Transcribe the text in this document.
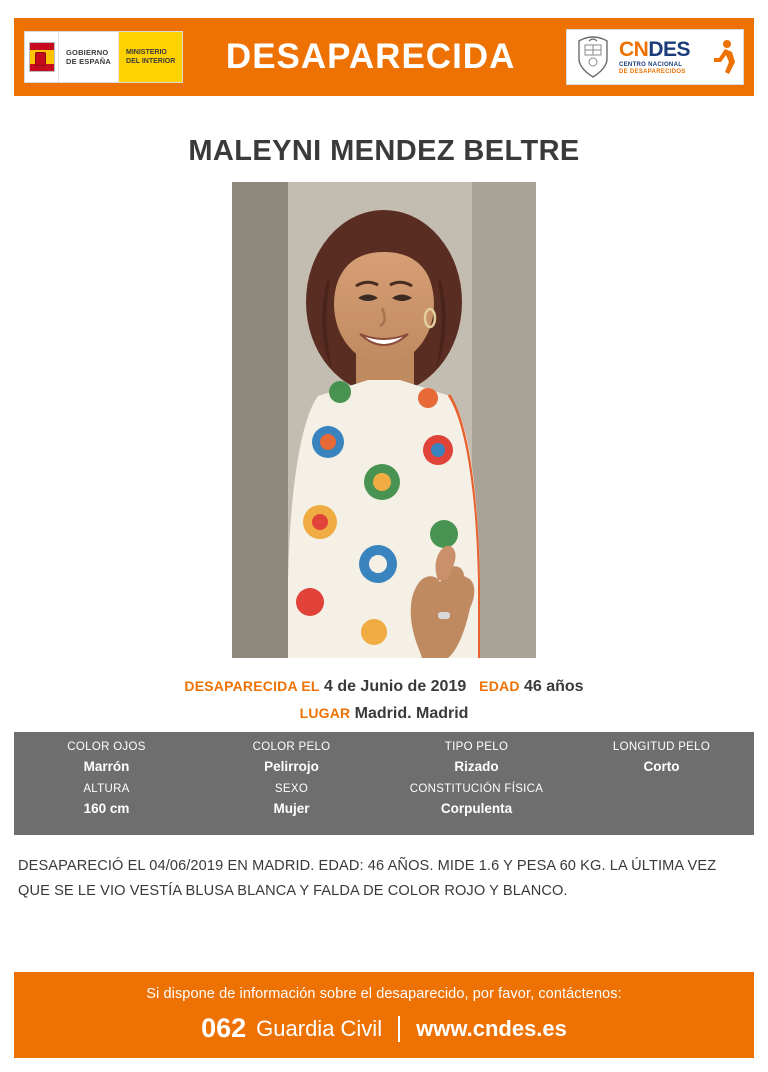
GOBIERNO
DE ESPAÑA
MINISTERIO
DEL INTERIOR	DESAPARECIDA	CNDES
CENTRO NACIONAL
DE DESAPARECIDOS
MALEYNI MENDEZ BELTRE
DESAPARECIDA EL 4 de Junio de 2019 EDAD 46 años
LUGAR Madrid. Madrid
COLOR OJOS
Marrón
COLOR PELO
Pelirrojo
TIPO PELO
Rizado
LONGITUD PELO
Corto
ALTURA
160 cm
SEXO
Mujer
CONSTITUCIÓN FÍSICA
Corpulenta
DESAPARECIÓ EL 04/06/2019 EN MADRID. EDAD: 46 AÑOS. MIDE 1.6 Y PESA 60 KG. LA ÚLTIMA VEZ QUE SE LE VIO VESTÍA BLUSA BLANCA Y FALDA DE COLOR ROJO Y BLANCO.
Si dispone de información sobre el desaparecido, por favor, contáctenos:
062 Guardia Civil www.cndes.es
